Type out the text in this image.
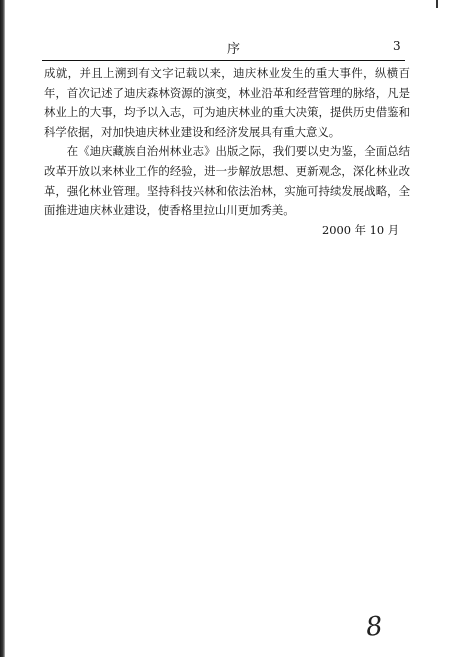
序	3

成就，并且上溯到有文字记载以来，迪庆林业发生的重大事件，纵横百年，首次记述了迪庆森林资源的演变，林业沿革和经营管理的脉络，凡是林业上的大事，均予以入志，可为迪庆林业的重大决策，提供历史借鉴和科学依据，对加快迪庆林业建设和经济发展具有重大意义。

在《迪庆藏族自治州林业志》出版之际，我们要以史为鉴，全面总结改革开放以来林业工作的经验，进一步解放思想、更新观念，深化林业改革，强化林业管理。坚持科技兴林和依法治林，实施可持续发展战略，全面推进迪庆林业建设，使香格里拉山川更加秀美。

2000 年 10 月
8
